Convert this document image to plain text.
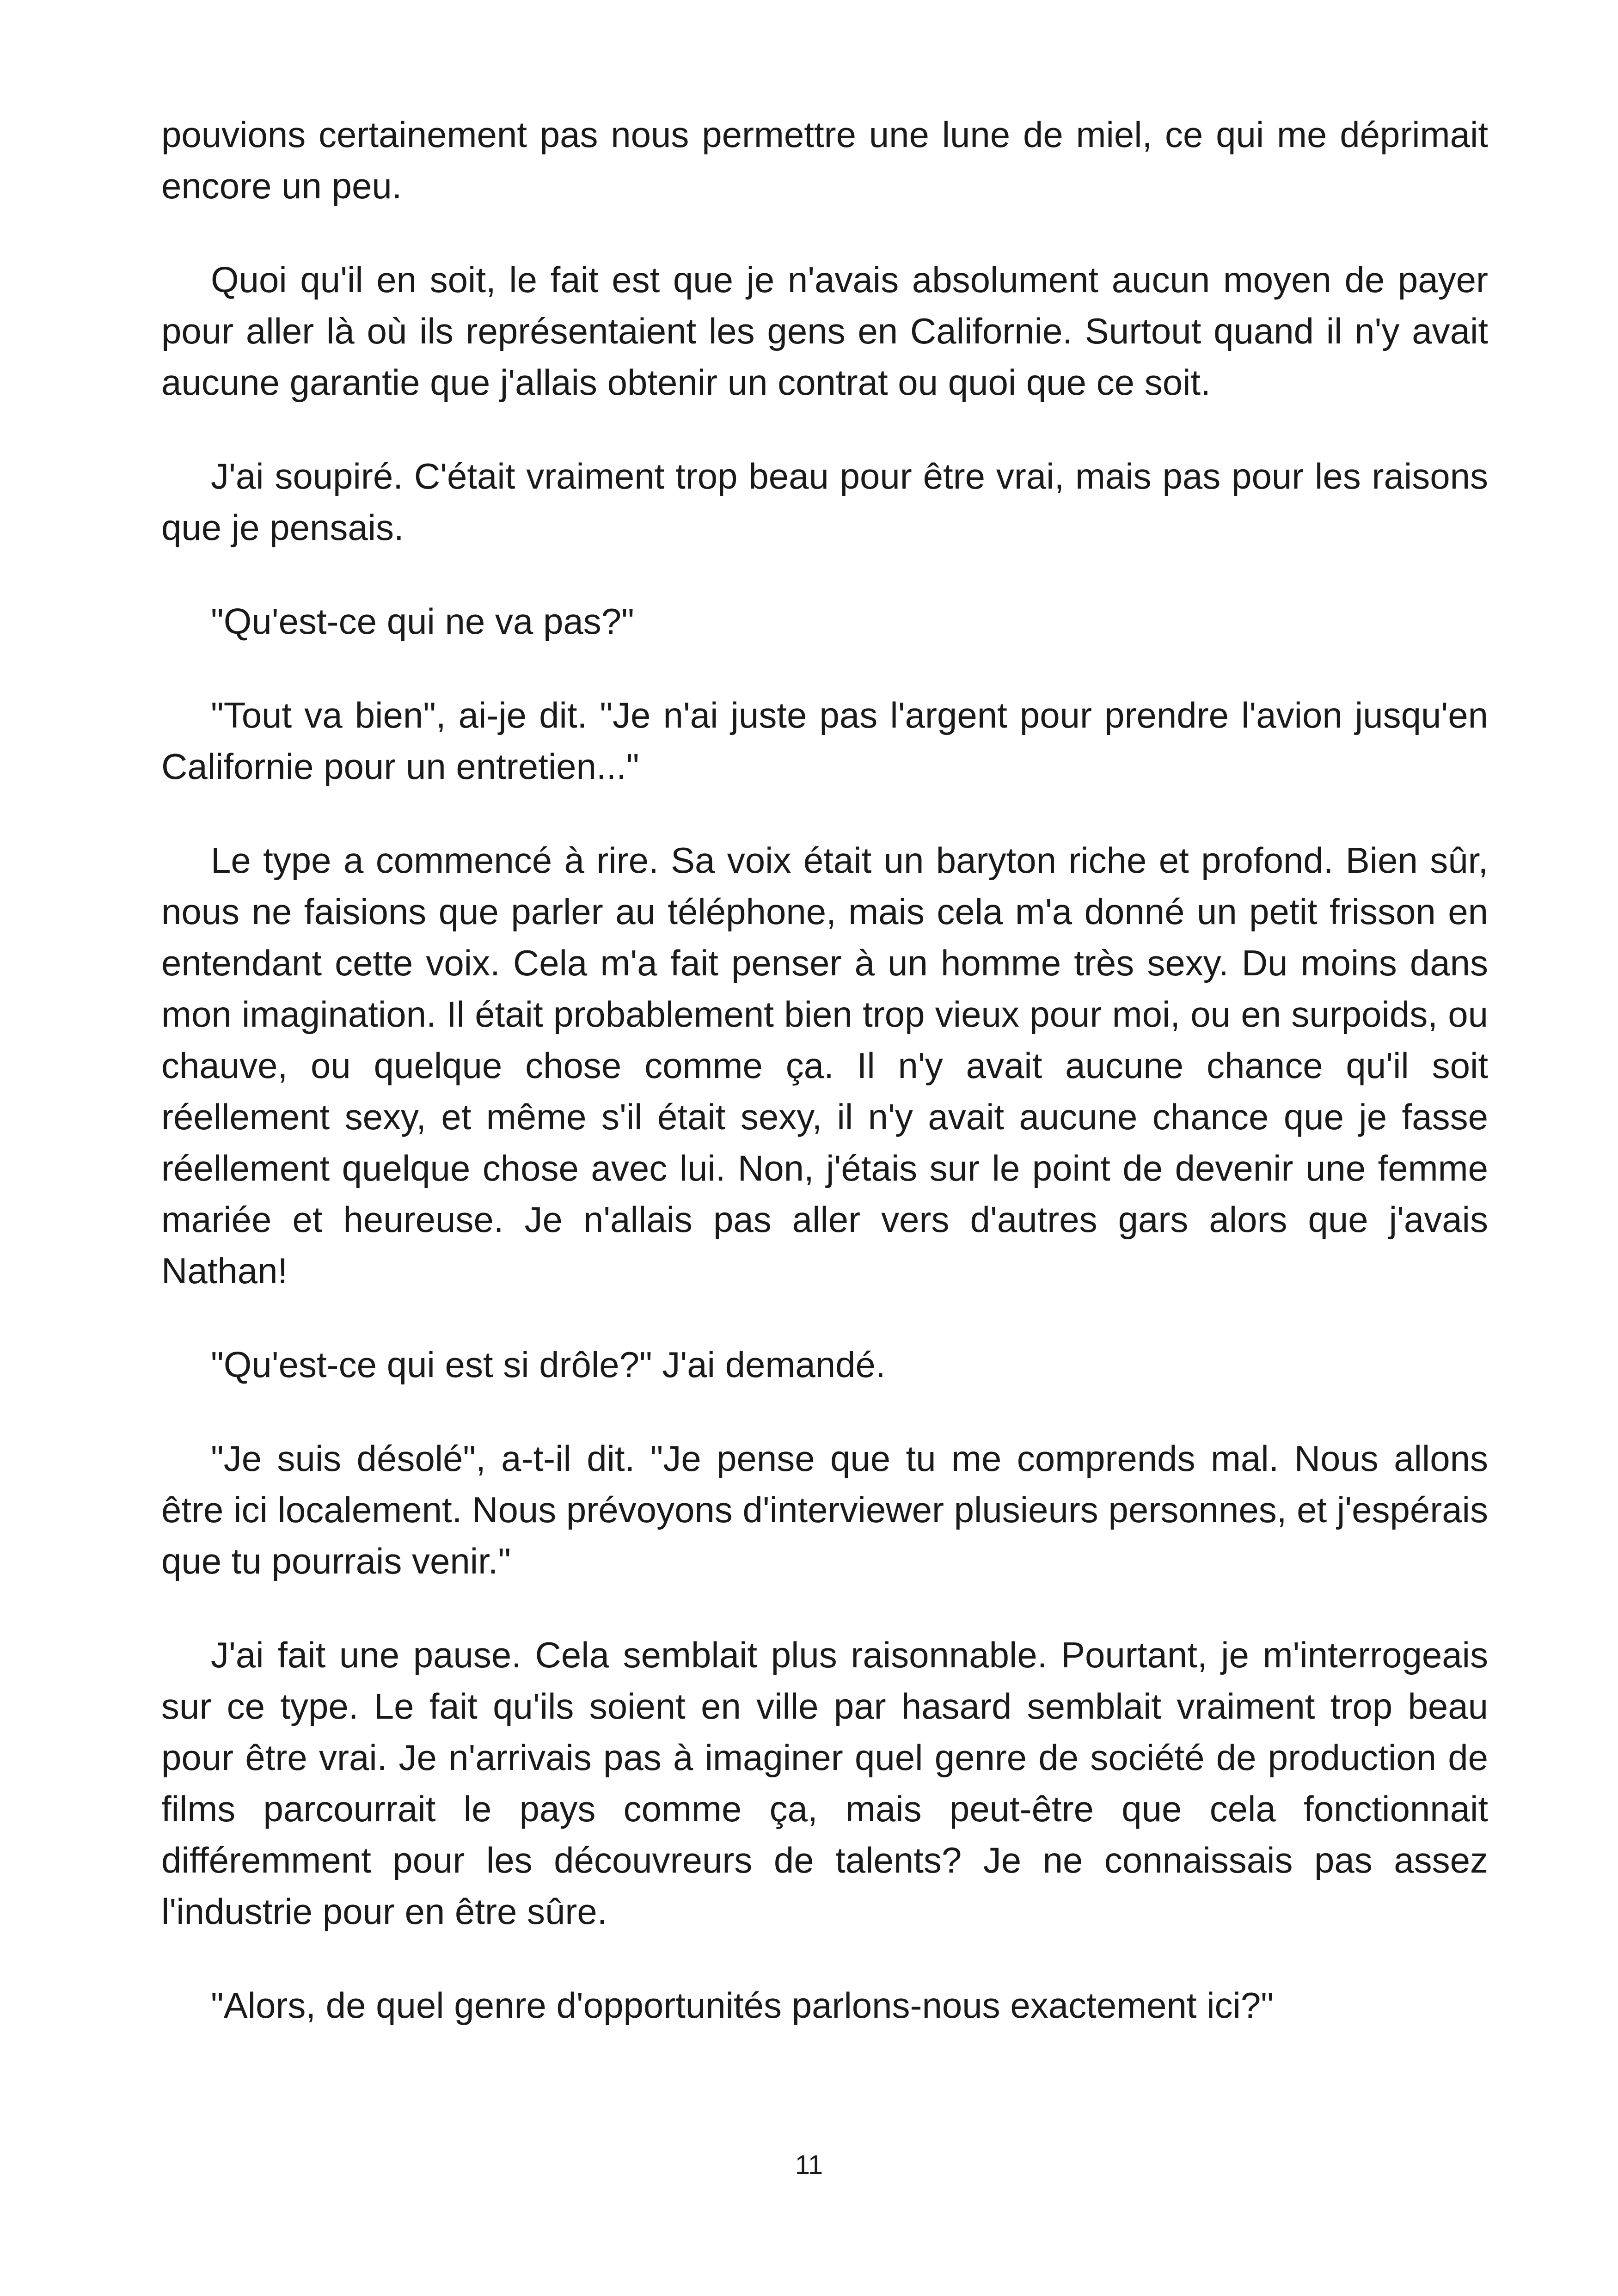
pouvions certainement pas nous permettre une lune de miel, ce qui me déprimait encore un peu.

Quoi qu'il en soit, le fait est que je n'avais absolument aucun moyen de payer pour aller là où ils représentaient les gens en Californie. Surtout quand il n'y avait aucune garantie que j'allais obtenir un contrat ou quoi que ce soit.

J'ai soupiré. C'était vraiment trop beau pour être vrai, mais pas pour les raisons que je pensais.

"Qu'est-ce qui ne va pas?"

"Tout va bien", ai-je dit. "Je n'ai juste pas l'argent pour prendre l'avion jusqu'en Californie pour un entretien..."

Le type a commencé à rire. Sa voix était un baryton riche et profond. Bien sûr, nous ne faisions que parler au téléphone, mais cela m'a donné un petit frisson en entendant cette voix. Cela m'a fait penser à un homme très sexy. Du moins dans mon imagination. Il était probablement bien trop vieux pour moi, ou en surpoids, ou chauve, ou quelque chose comme ça. Il n'y avait aucune chance qu'il soit réellement sexy, et même s'il était sexy, il n'y avait aucune chance que je fasse réellement quelque chose avec lui. Non, j'étais sur le point de devenir une femme mariée et heureuse. Je n'allais pas aller vers d'autres gars alors que j'avais Nathan!

"Qu'est-ce qui est si drôle?" J'ai demandé.

"Je suis désolé", a-t-il dit. "Je pense que tu me comprends mal. Nous allons être ici localement. Nous prévoyons d'interviewer plusieurs personnes, et j'espérais que tu pourrais venir."

J'ai fait une pause. Cela semblait plus raisonnable. Pourtant, je m'interrogeais sur ce type. Le fait qu'ils soient en ville par hasard semblait vraiment trop beau pour être vrai. Je n'arrivais pas à imaginer quel genre de société de production de films parcourrait le pays comme ça, mais peut-être que cela fonctionnait différemment pour les découvreurs de talents? Je ne connaissais pas assez l'industrie pour en être sûre.

"Alors, de quel genre d'opportunités parlons-nous exactement ici?"

11
